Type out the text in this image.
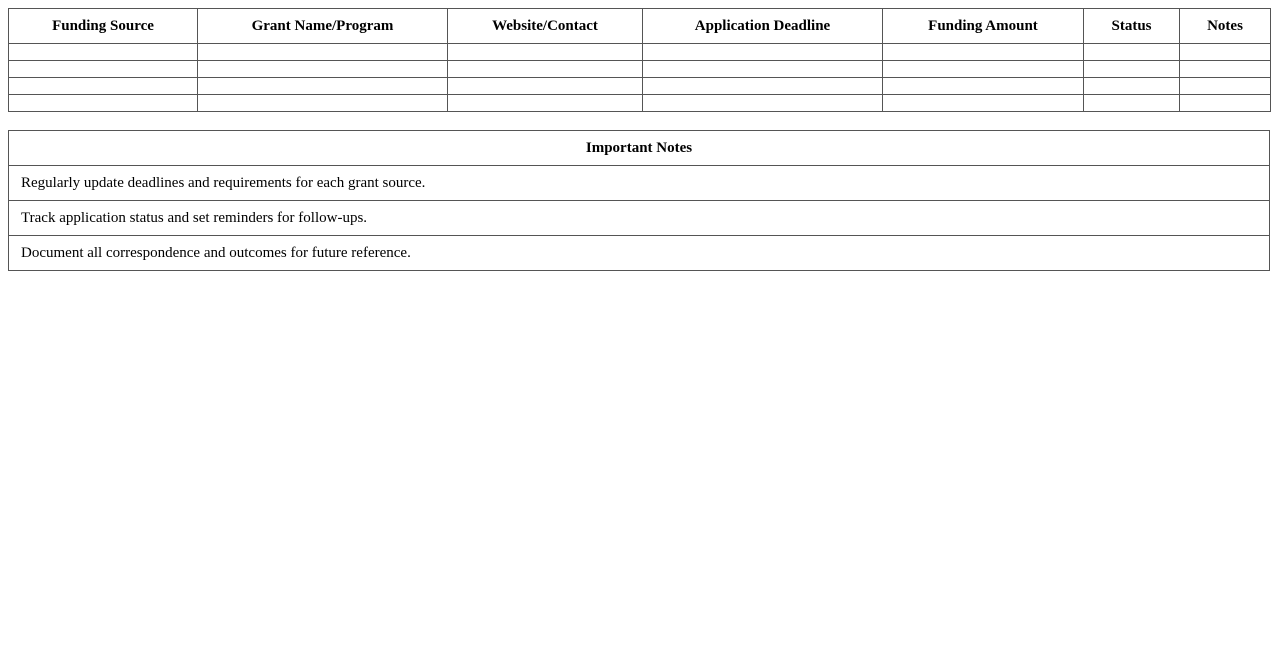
Funding Source	Grant Name/Program	Website/Contact	Application Deadline	Funding Amount	Status	Notes

Important Notes
Regularly update deadlines and requirements for each grant source.
Track application status and set reminders for follow-ups.
Document all correspondence and outcomes for future reference.
